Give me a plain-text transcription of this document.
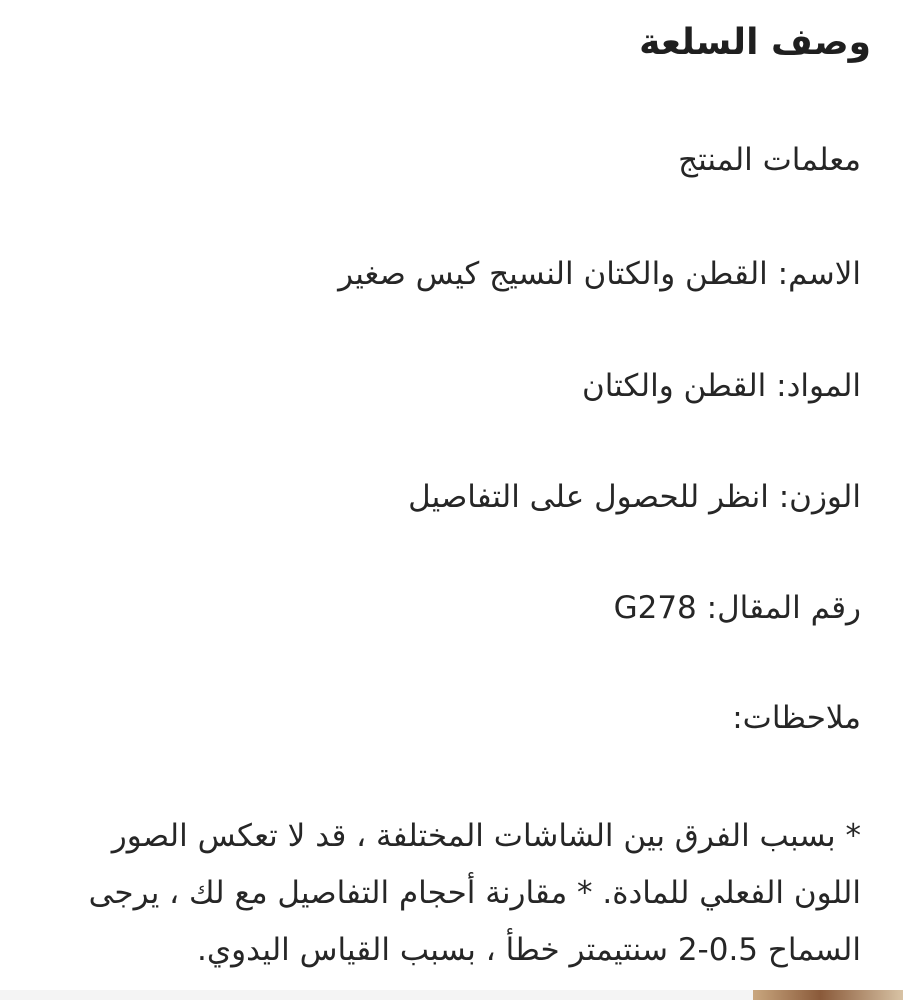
وصف السلعة

معلمات المنتج

الاسم: القطن والكتان النسيج كيس صغير

المواد: القطن والكتان

الوزن: انظر للحصول على التفاصيل

رقم المقال: G278

ملاحظات:

* بسبب الفرق بين الشاشات المختلفة ، قد لا تعكس الصور اللون الفعلي للمادة. * مقارنة أحجام التفاصيل مع لك ، يرجى السماح 0.5-2 سنتيمتر خطأ ، بسبب القياس اليدوي.
